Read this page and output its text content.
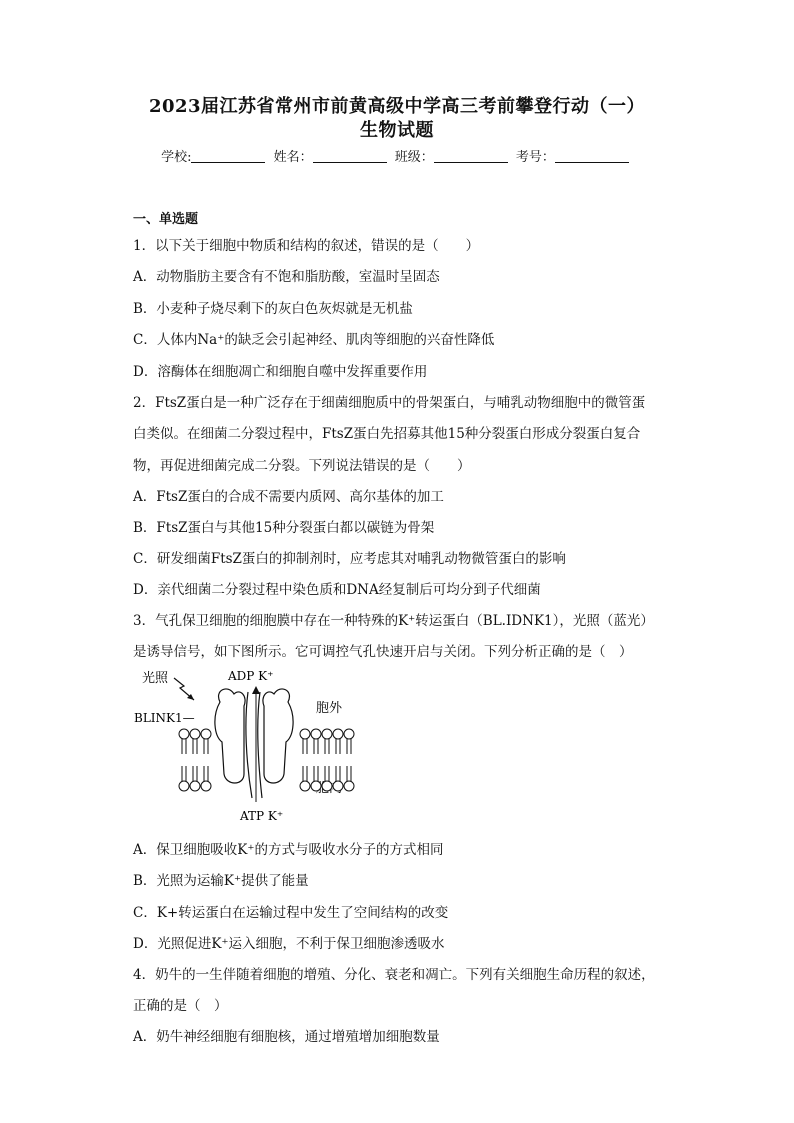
2023届江苏省常州市前黄高级中学高三考前攀登行动（一）
生物试题
学校:	姓名：	班级：	考号：
一、单选题
1．以下关于细胞中物质和结构的叙述，错误的是（　　）
A．动物脂肪主要含有不饱和脂肪酸，室温时呈固态
B．小麦种子烧尽剩下的灰白色灰烬就是无机盐
C．人体内Na⁺的缺乏会引起神经、肌肉等细胞的兴奋性降低
D．溶酶体在细胞凋亡和细胞自噬中发挥重要作用
2．FtsZ蛋白是一种广泛存在于细菌细胞质中的骨架蛋白，与哺乳动物细胞中的微管蛋
白类似。在细菌二分裂过程中，FtsZ蛋白先招募其他15种分裂蛋白形成分裂蛋白复合
物，再促进细菌完成二分裂。下列说法错误的是（　　）
A．FtsZ蛋白的合成不需要内质网、高尔基体的加工
B．FtsZ蛋白与其他15种分裂蛋白都以碳链为骨架
C．研发细菌FtsZ蛋白的抑制剂时，应考虑其对哺乳动物微管蛋白的影响
D．亲代细菌二分裂过程中染色质和DNA经复制后可均分到子代细菌
3．气孔保卫细胞的细胞膜中存在一种特殊的K⁺转运蛋白（BL.IDNK1），光照（蓝光）
是诱导信号，如下图所示。它可调控气孔快速开启与关闭。下列分析正确的是（　）
光照	ADP K⁺
BLINK1—
胞外
ATP K⁺
A．保卫细胞吸收K⁺的方式与吸收水分子的方式相同
B．光照为运输K⁺提供了能量
C．K+转运蛋白在运输过程中发生了空间结构的改变
D．光照促进K⁺运入细胞，不利于保卫细胞渗透吸水
4．奶牛的一生伴随着细胞的增殖、分化、衰老和凋亡。下列有关细胞生命历程的叙述，
正确的是（　）
A．奶牛神经细胞有细胞核，通过增殖增加细胞数量
